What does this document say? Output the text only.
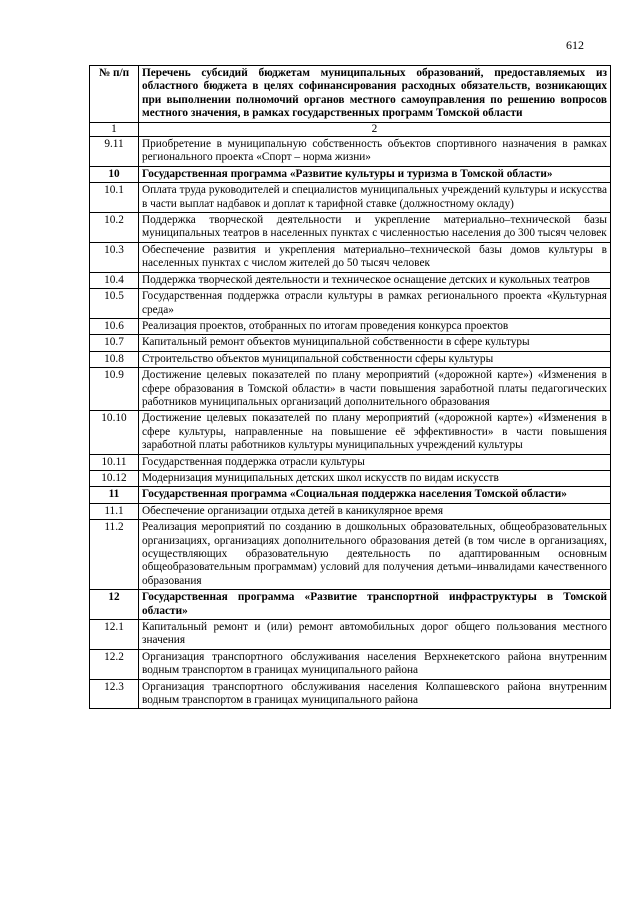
612
№ п/п	Перечень субсидий бюджетам муниципальных образований, предоставляемых из областного бюджета в целях софинансирования расходных обязательств, возникающих при выполнении полномочий органов местного самоуправления по решению вопросов местного значения, в рамках государственных программ Томской области
1	2
9.11	Приобретение в муниципальную собственность объектов спортивного назначения в рамках регионального проекта «Спорт – норма жизни»
10	Государственная программа «Развитие культуры и туризма в Томской области»
10.1	Оплата труда руководителей и специалистов муниципальных учреждений культуры и искусства в части выплат надбавок и доплат к тарифной ставке (должностному окладу)
10.2	Поддержка творческой деятельности и укрепление материально–технической базы муниципальных театров в населенных пунктах с численностью населения до 300 тысяч человек
10.3	Обеспечение развития и укрепления материально–технической базы домов культуры в населенных пунктах с числом жителей до 50 тысяч человек
10.4	Поддержка творческой деятельности и техническое оснащение детских и кукольных театров
10.5	Государственная поддержка отрасли культуры в рамках регионального проекта «Культурная среда»
10.6	Реализация проектов, отобранных по итогам проведения конкурса проектов
10.7	Капитальный ремонт объектов муниципальной собственности в сфере культуры
10.8	Строительство объектов муниципальной собственности сферы культуры
10.9	Достижение целевых показателей по плану мероприятий («дорожной карте») «Изменения в сфере образования в Томской области» в части повышения заработной платы педагогических работников муниципальных организаций дополнительного образования
10.10	Достижение целевых показателей по плану мероприятий («дорожной карте») «Изменения в сфере культуры, направленные на повышение её эффективности» в части повышения заработной платы работников культуры муниципальных учреждений культуры
10.11	Государственная поддержка отрасли культуры
10.12	Модернизация муниципальных детских школ искусств по видам искусств
11	Государственная программа «Социальная поддержка населения Томской области»
11.1	Обеспечение организации отдыха детей в каникулярное время
11.2	Реализация мероприятий по созданию в дошкольных образовательных, общеобразовательных организациях, организациях дополнительного образования детей (в том числе в организациях, осуществляющих образовательную деятельность по адаптированным основным общеобразовательным программам) условий для получения детьми–инвалидами качественного образования
12	Государственная программа «Развитие транспортной инфраструктуры в Томской области»
12.1	Капитальный ремонт и (или) ремонт автомобильных дорог общего пользования местного значения
12.2	Организация транспортного обслуживания населения Верхнекетского района внутренним водным транспортом в границах муниципального района
12.3	Организация транспортного обслуживания населения Колпашевского района внутренним водным транспортом в границах муниципального района
